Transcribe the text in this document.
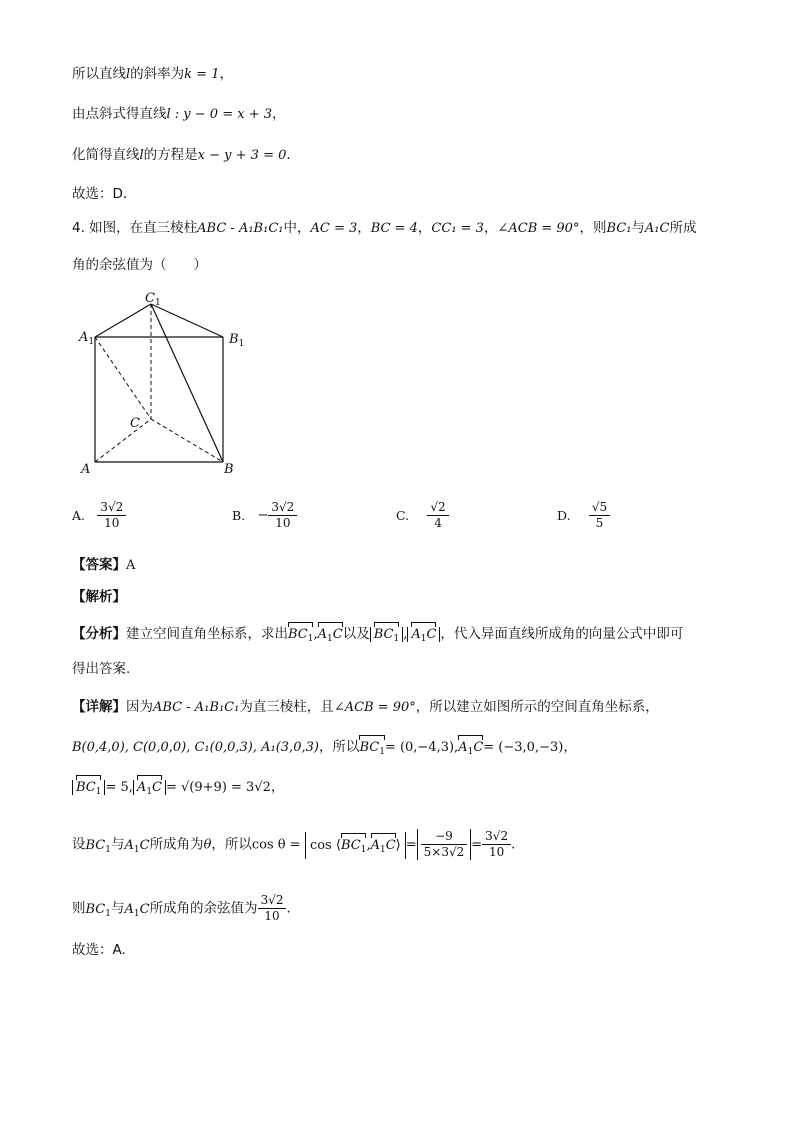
所以直线l的斜率为k = 1，
由点斜式得直线l : y − 0 = x + 3，
化简得直线l的方程是x − y + 3 = 0．
故选：D．
4. 如图，在直三棱柱ABC - A₁B₁C₁中，AC = 3，BC = 4，CC₁ = 3，∠ACB = 90°，则BC₁与A₁C所成
角的余弦值为（　　）
$C_1$
$A_1$	$B_1$
C
A	B
A. $\frac{3√2}{10}$	B. − $\frac{3√2}{10}$	C. $\frac{√2}{4}$	D. $\frac{√5}{5}$
【答案】A
【解析】
【分析】建立空间直角坐标系，求出$BC_1,A_1C$以及 $BC_1$ , $A_1C$ ，代入异面直线所成角的向量公式中即可
得出答案.
【详解】因为ABC - A₁B₁C₁为直三棱柱，且∠ACB = 90°，所以建立如图所示的空间直角坐标系，
B(0,4,0), C(0,0,0), C₁(0,0,3), A₁(3,0,3)，所以$BC_1= (0,-4,3),A_1C= (-3,0,-3)$，
$BC_1 = 5$, $A_1C = √(9+9) = 3√2$，
设$BC_1$与$A_1C$所成角为θ，所以$\cos \theta = \cos ⟨BC_1,A_1C⟩ = \frac{-9}{5\times 3√2} = \frac{3√2}{10}$ .
则$BC_1$与$A_1C$所成角的余弦值为 $\frac{3√2}{10}$ .
故选：A.
